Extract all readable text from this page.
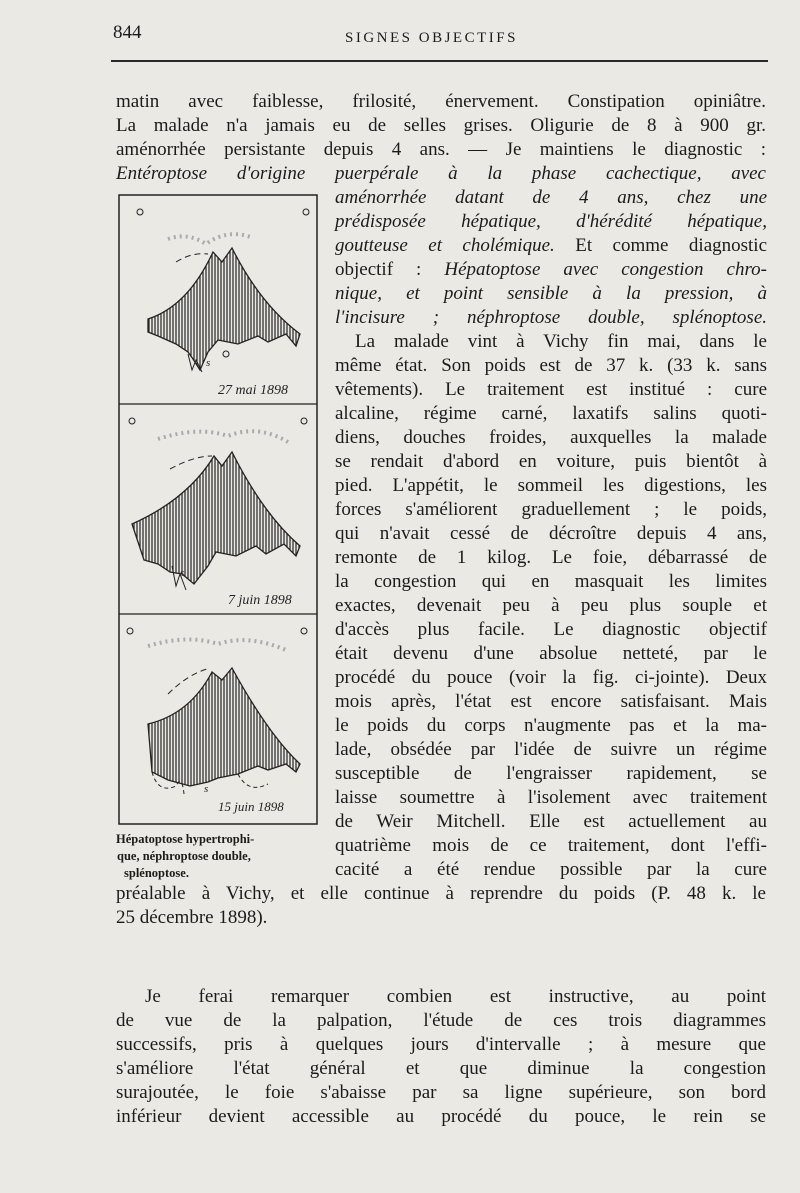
844	SIGNES OBJECTIFS
matin avec faiblesse, frilosité, énervement. Constipation opiniâtre.
La malade n'a jamais eu de selles grises. Oligurie de 8 à 900 gr.
aménorrhée persistante depuis 4 ans. — Je maintiens le diagnostic :
Entéroptose d'origine puerpérale à la phase cachectique, avec
aménorrhée datant de 4 ans, chez une
prédisposée hépatique, d'hérédité hépatique,
goutteuse et cholémique. Et comme diagnostic
objectif : Hépatoptose avec congestion chro-
nique, et point sensible à la pression, à
l'incisure ; néphroptose double, splénoptose.
La malade vint à Vichy fin mai, dans le
même état. Son poids est de 37 k. (33 k. sans
vêtements). Le traitement est institué : cure
alcaline, régime carné, laxatifs salins quoti-
diens, douches froides, auxquelles la malade
se rendait d'abord en voiture, puis bientôt à
pied. L'appétit, le sommeil les digestions, les
forces s'améliorent graduellement ; le poids,
qui n'avait cessé de décroître depuis 4 ans,
remonte de 1 kilog. Le foie, débarrassé de
la congestion qui en masquait les limites
exactes, devenait peu à peu plus souple et
d'accès plus facile. Le diagnostic objectif
était devenu d'une absolue netteté, par le
procédé du pouce (voir la fig. ci-jointe). Deux
mois après, l'état est encore satisfaisant. Mais
le poids du corps n'augmente pas et la ma-
lade, obsédée par l'idée de suivre un régime
susceptible de l'engraisser rapidement, se
laisse soumettre à l'isolement avec traitement
de Weir Mitchell. Elle est actuellement au
quatrième mois de ce traitement, dont l'effi-
cacité a été rendue possible par la cure
préalable à Vichy, et elle continue à reprendre du poids (P. 48 k. le
25 décembre 1898).
Je ferai remarquer combien est instructive, au point
de vue de la palpation, l'étude de ces trois diagrammes
successifs, pris à quelques jours d'intervalle ; à mesure que
s'améliore l'état général et que diminue la congestion
surajoutée, le foie s'abaisse par sa ligne supérieure, son bord
inférieur devient accessible au procédé du pouce, le rein se
s
27 mai 1898
s
7 juin 1898
s
15 juin 1898
Hépatoptose hypertrophi-
que, néphroptose double,
splénoptose.
